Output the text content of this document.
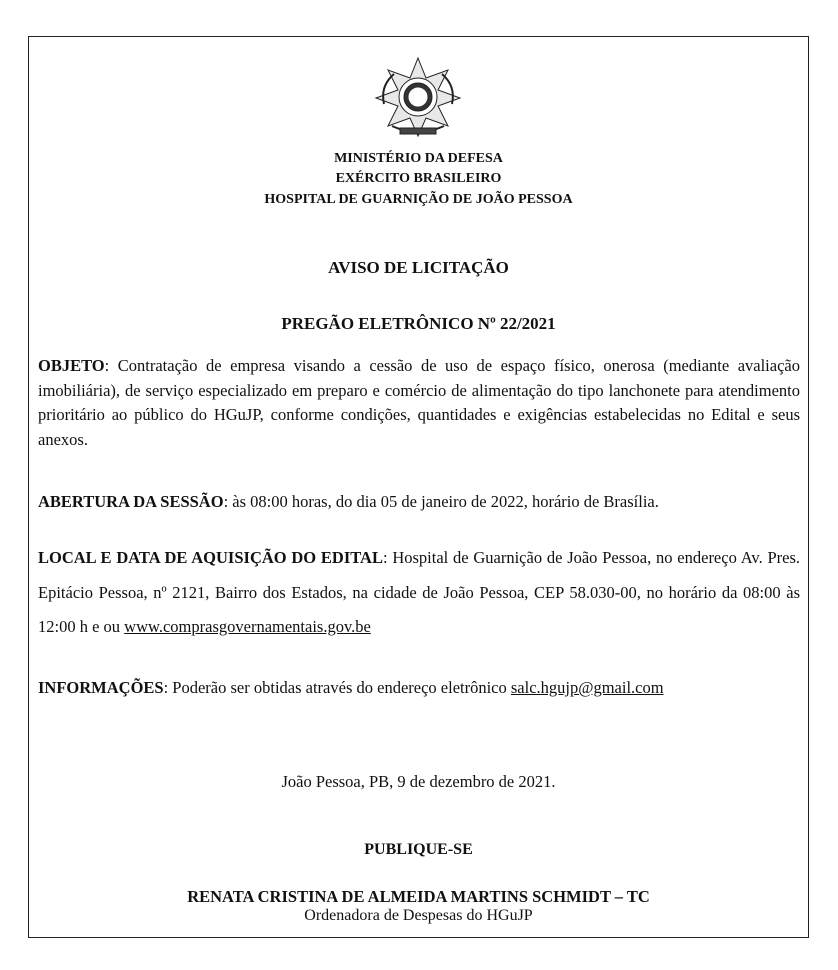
MINISTÉRIO DA DEFESA
EXÉRCITO BRASILEIRO
HOSPITAL DE GUARNIÇÃO DE JOÃO PESSOA
AVISO DE LICITAÇÃO
PREGÃO ELETRÔNICO Nº 22/2021
OBJETO: Contratação de empresa visando a cessão de uso de espaço físico, onerosa (mediante avaliação imobiliária), de serviço especializado em preparo e comércio de alimentação do tipo lanchonete para atendimento prioritário ao público do HGuJP, conforme condições, quantidades e exigências estabelecidas no Edital e seus anexos.
ABERTURA DA SESSÃO: às 08:00 horas, do dia 05 de janeiro de 2022, horário de Brasília.
LOCAL E DATA DE AQUISIÇÃO DO EDITAL: Hospital de Guarnição de João Pessoa, no endereço Av. Pres. Epitácio Pessoa, nº 2121, Bairro dos Estados, na cidade de João Pessoa, CEP 58.030-00, no horário da 08:00 às 12:00 h e ou www.comprasgovernamentais.gov.be
INFORMAÇÕES: Poderão ser obtidas através do endereço eletrônico salc.hgujp@gmail.com
João Pessoa, PB, 9 de dezembro de 2021.
PUBLIQUE-SE
RENATA CRISTINA DE ALMEIDA MARTINS SCHMIDT – TC
Ordenadora de Despesas do HGuJP
